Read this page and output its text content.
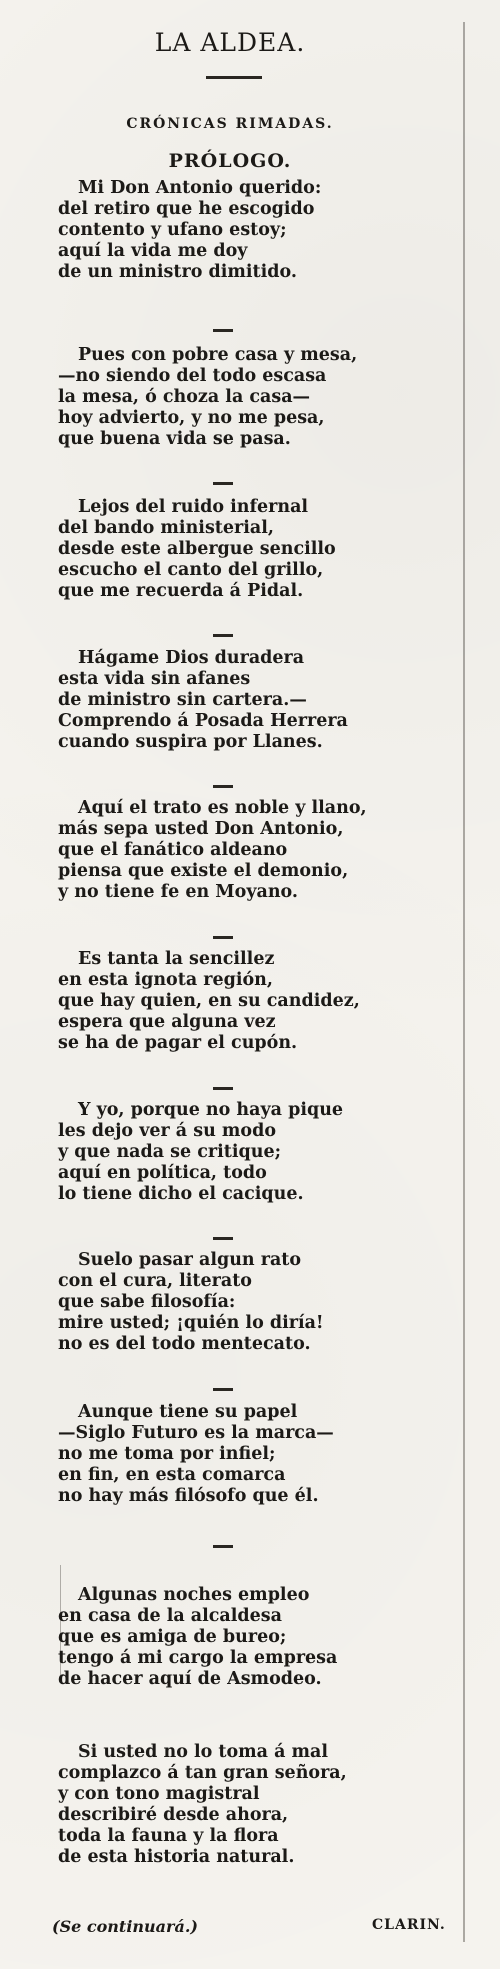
LA ALDEA.
CRÓNICAS RIMADAS.
PRÓLOGO.
Mi Don Antonio querido:
del retiro que he escogido
contento y ufano estoy;
aquí la vida me doy
de un ministro dimitido.
Pues con pobre casa y mesa,
—no siendo del todo escasa
la mesa, ó choza la casa—
hoy advierto, y no me pesa,
que buena vida se pasa.
Lejos del ruido infernal
del bando ministerial,
desde este albergue sencillo
escucho el canto del grillo,
que me recuerda á Pidal.
Hágame Dios duradera
esta vida sin afanes
de ministro sin cartera.—
Comprendo á Posada Herrera
cuando suspira por Llanes.
Aquí el trato es noble y llano,
más sepa usted Don Antonio,
que el fanático aldeano
piensa que existe el demonio,
y no tiene fe en Moyano.
Es tanta la sencillez
en esta ignota región,
que hay quien, en su candidez,
espera que alguna vez
se ha de pagar el cupón.
Y yo, porque no haya pique
les dejo ver á su modo
y que nada se critique;
aquí en política, todo
lo tiene dicho el cacique.
Suelo pasar algun rato
con el cura, literato
que sabe filosofía:
mire usted; ¡quién lo diría!
no es del todo mentecato.
Aunque tiene su papel
—Siglo Futuro es la marca—
no me toma por infiel;
en fin, en esta comarca
no hay más filósofo que él.
Algunas noches empleo
en casa de la alcaldesa
que es amiga de bureo;
tengo á mi cargo la empresa
de hacer aquí de Asmodeo.
Si usted no lo toma á mal
complazco á tan gran señora,
y con tono magistral
describiré desde ahora,
toda la fauna y la flora
de esta historia natural.
(Se continuará.)	CLARIN.
